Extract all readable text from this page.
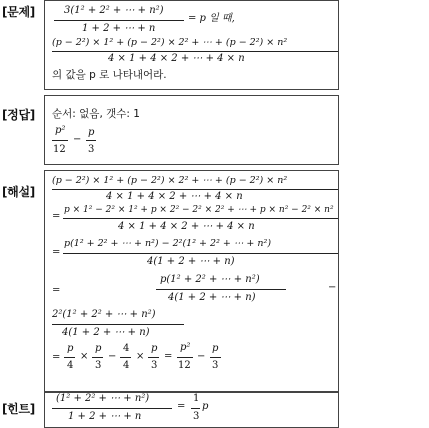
[문제]
[정답]
[해설]
[힌트]
3(1² + 2² + ⋯ + n²)
1 + 2 + ⋯ + n
= p 일 때,
(p − 2²) × 1² + (p − 2²) × 2² + ⋯ + (p − 2²) × n²
4 × 1 + 4 × 2 + ⋯ + 4 × n
의 값을 p 로 나타내어라.
순서: 없음, 갯수: 1
p²
12
−
p
3
(p − 2²) × 1² + (p − 2²) × 2² + ⋯ + (p − 2²) × n²
4 × 1 + 4 × 2 + ⋯ + 4 × n
=
p × 1² − 2² × 1² + p × 2² − 2² × 2² + ⋯ + p × n² − 2² × n²
4 × 1 + 4 × 2 + ⋯ + 4 × n
=
p(1² + 2² + ⋯ + n²) − 2²(1² + 2² + ⋯ + n²)
4(1 + 2 + ⋯ + n)
=
p(1² + 2² + ⋯ + n²)
4(1 + 2 + ⋯ + n)
−
2²(1² + 2² + ⋯ + n²)
4(1 + 2 + ⋯ + n)
=
p
4
×
p
3
−
4
4
×
p
3
=
p²
12
−
p
3
(1² + 2² + ⋯ + n²)
1 + 2 + ⋯ + n
=
1
3
p
